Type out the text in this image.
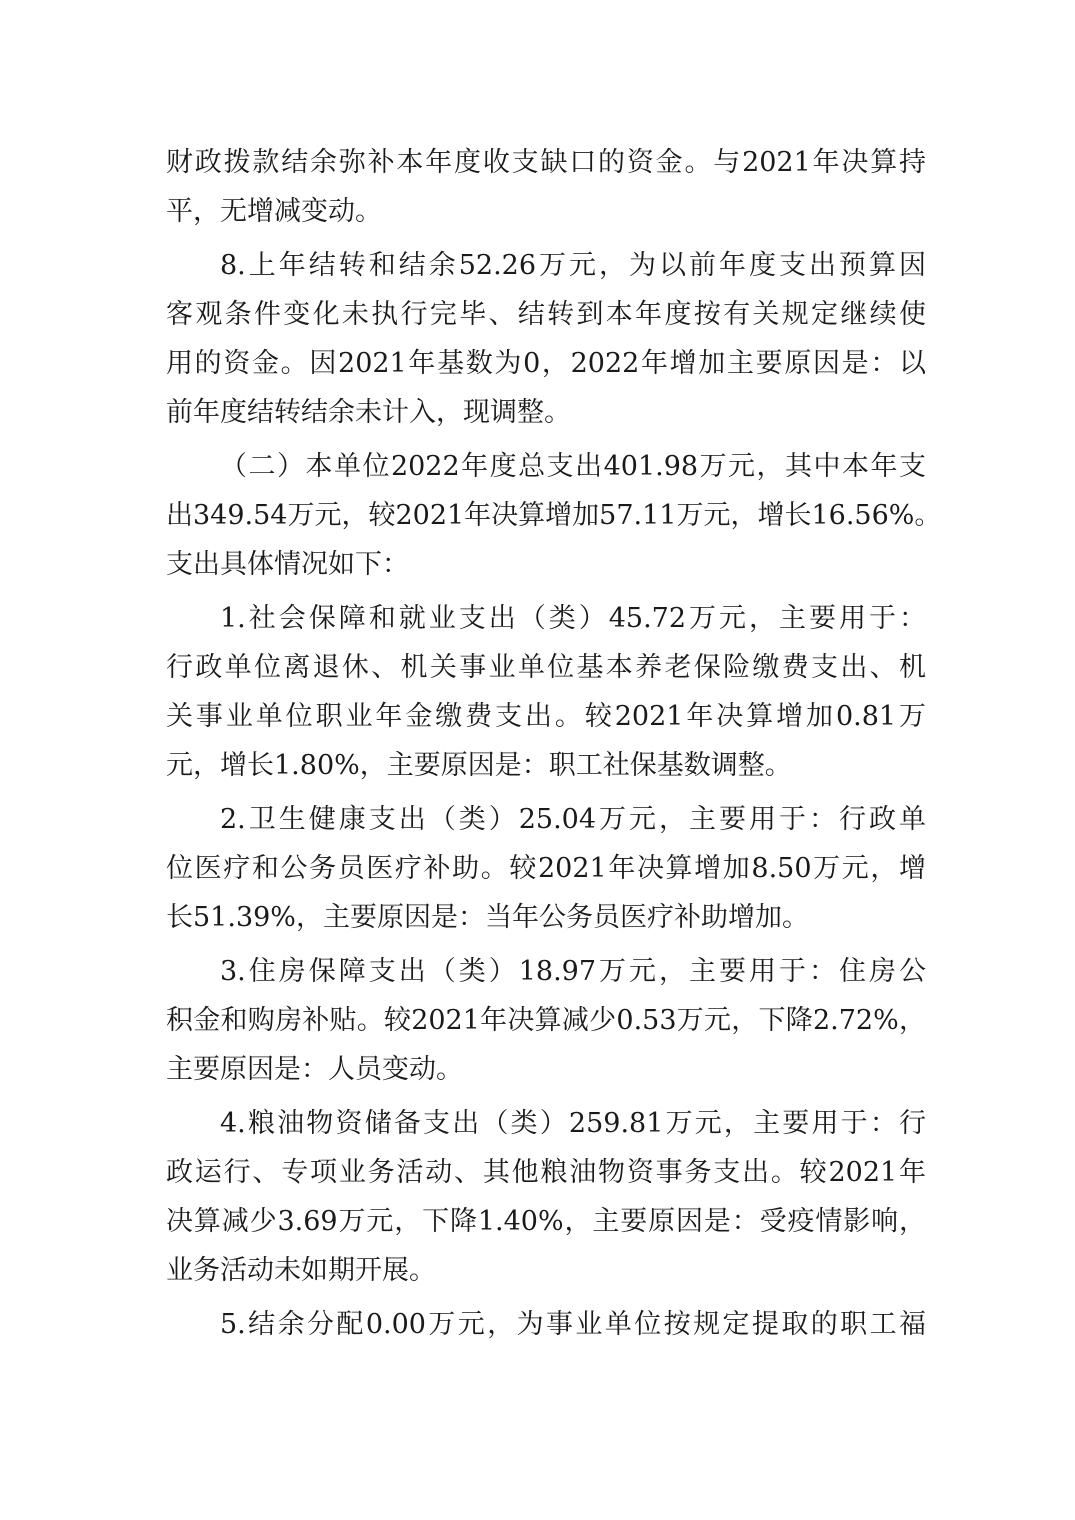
财政拨款结余弥补本年度收支缺口的资金。与2021年决算持
平，无增减变动。
8.上年结转和结余52.26万元，为以前年度支出预算因
客观条件变化未执行完毕、结转到本年度按有关规定继续使
用的资金。因2021年基数为0，2022年增加主要原因是：以
前年度结转结余未计入，现调整。
（二）本单位2022年度总支出401.98万元，其中本年支
出349.54万元，较2021年决算增加57.11万元，增长16.56%。
支出具体情况如下：
1.社会保障和就业支出（类）45.72万元，主要用于：
行政单位离退休、机关事业单位基本养老保险缴费支出、机
关事业单位职业年金缴费支出。较2021年决算增加0.81万
元，增长1.80%，主要原因是：职工社保基数调整。
2.卫生健康支出（类）25.04万元，主要用于：行政单
位医疗和公务员医疗补助。较2021年决算增加8.50万元，增
长51.39%，主要原因是：当年公务员医疗补助增加。
3.住房保障支出（类）18.97万元，主要用于：住房公
积金和购房补贴。较2021年决算减少0.53万元，下降2.72%，
主要原因是：人员变动。
4.粮油物资储备支出（类）259.81万元，主要用于：行
政运行、专项业务活动、其他粮油物资事务支出。较2021年
决算减少3.69万元，下降1.40%，主要原因是：受疫情影响，
业务活动未如期开展。
5.结余分配0.00万元，为事业单位按规定提取的职工福
